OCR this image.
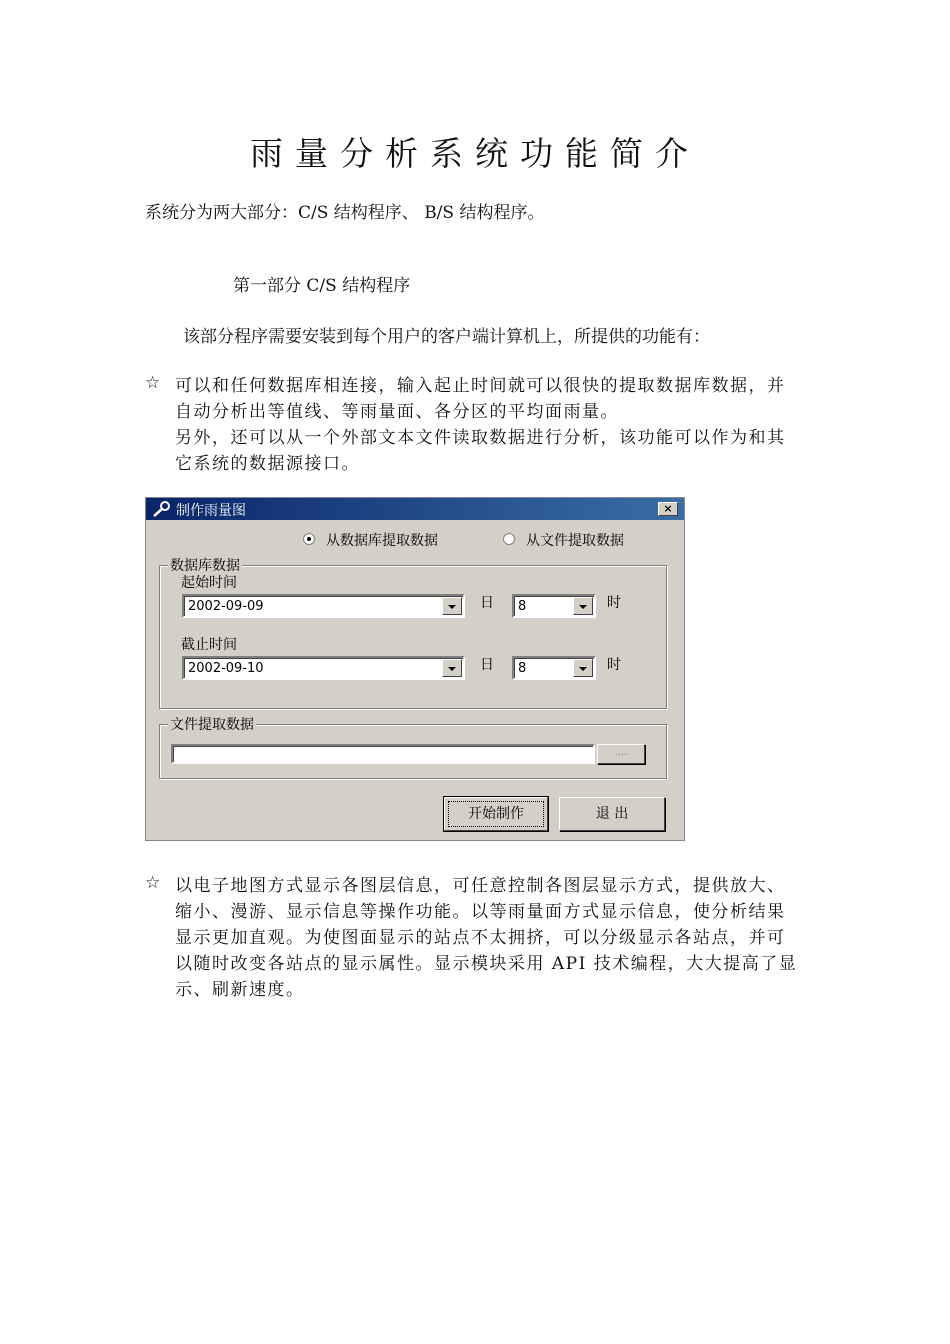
雨量分析系统功能简介
系统分为两大部分：C/S 结构程序、 B/S 结构程序。
第一部分 C/S 结构程序
该部分程序需要安装到每个用户的客户端计算机上，所提供的功能有：
☆ 可以和任何数据库相连接，输入起止时间就可以很快的提取数据库数据，并
自动分析出等值线、等雨量面、各分区的平均面雨量。
另外，还可以从一个外部文本文件读取数据进行分析，该功能可以作为和其
它系统的数据源接口。
制作雨量图	×
从数据库提取数据	从文件提取数据
数据库数据
起始时间
2002-09-09	日 8	时
截止时间
2002-09-10	日 8	时
文件提取数据
....
开始制作	退 出
☆ 以电子地图方式显示各图层信息，可任意控制各图层显示方式，提供放大、
缩小、漫游、显示信息等操作功能。以等雨量面方式显示信息，使分析结果
显示更加直观。为使图面显示的站点不太拥挤，可以分级显示各站点，并可
以随时改变各站点的显示属性。显示模块采用 API 技术编程，大大提高了显
示、刷新速度。
